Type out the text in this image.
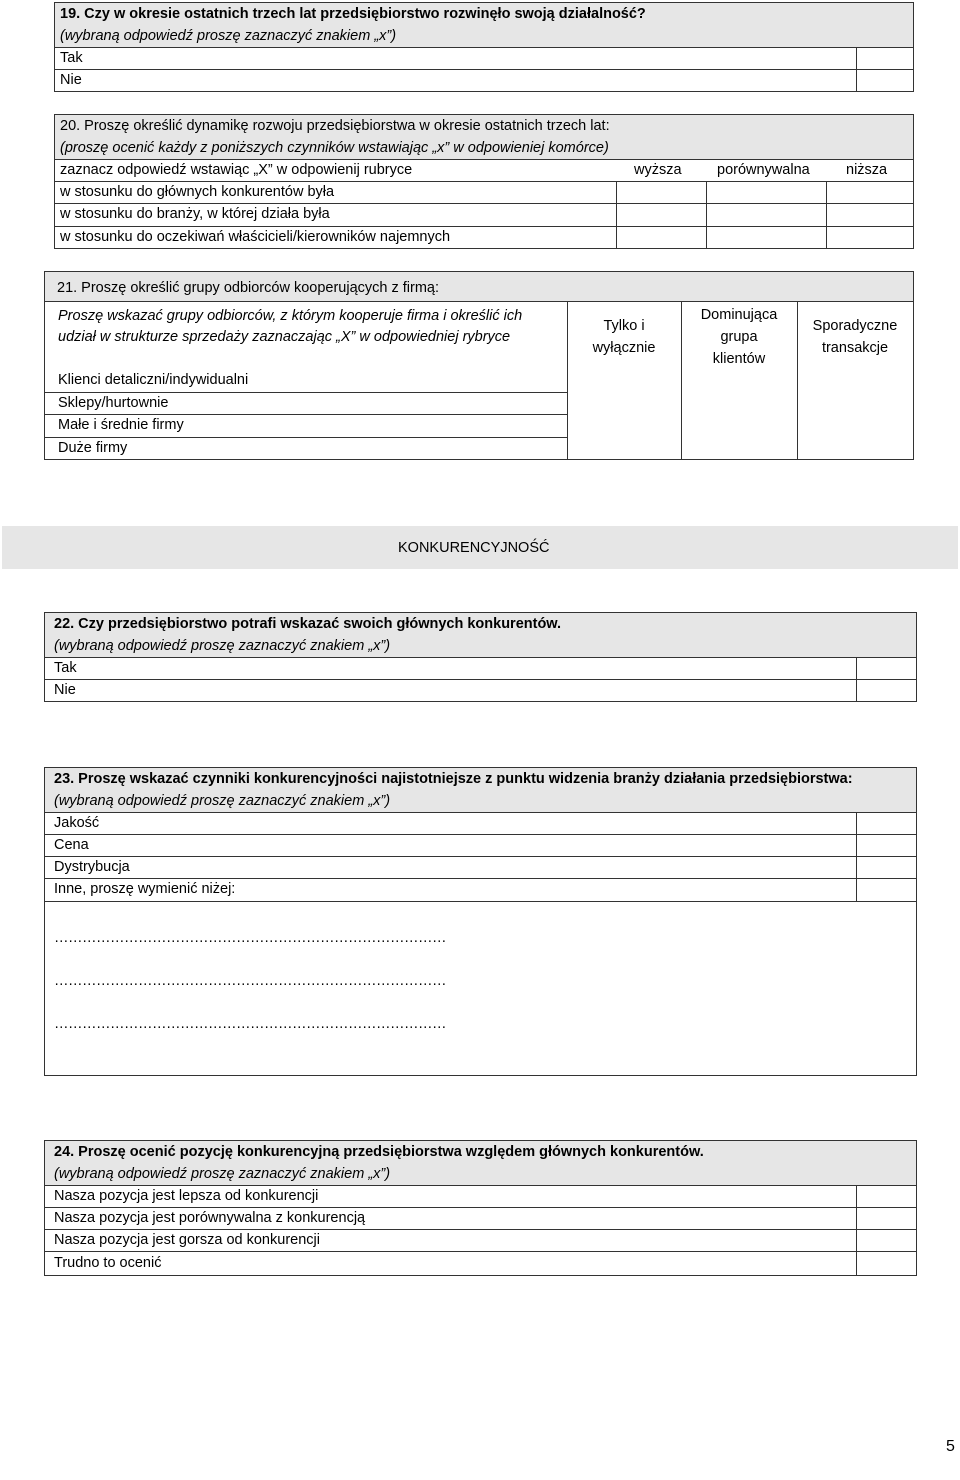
19. Czy w okresie ostatnich trzech lat przedsiębiorstwo rozwinęło swoją działalność?
(wybraną odpowiedź proszę zaznaczyć znakiem „x”)
Tak
Nie
20. Proszę określić dynamikę rozwoju przedsiębiorstwa w okresie ostatnich trzech lat:
(proszę ocenić każdy z poniższych czynników wstawiając „x” w odpowieniej komórce)
zaznacz odpowiedź wstawiąc „X” w odpowienij rubryce	wyższa porównywalna	niższa
w stosunku do głównych konkurentów była
w stosunku do branży, w której działa była
w stosunku do oczekiwań właścicieli/kierowników najemnych
21. Proszę określić grupy odbiorców kooperujących z firmą:
Proszę wskazać grupy odbiorców, z którym kooperuje firma i określić ich
udział w strukturze sprzedaży zaznaczając „X” w odpowiedniej rybryce
Tylko i wyłącznie
Dominująca grupa klientów
Sporadyczne transakcje
Klienci detaliczni/indywidualni
Sklepy/hurtownie
Małe i średnie firmy
Duże firmy
KONKURENCYJNOŚĆ
22. Czy przedsiębiorstwo potrafi wskazać swoich głównych konkurentów.
(wybraną odpowiedź proszę zaznaczyć znakiem „x”)
Tak
Nie
23. Proszę wskazać czynniki konkurencyjności najistotniejsze z punktu widzenia branży działania przedsiębiorstwa:
(wybraną odpowiedź proszę zaznaczyć znakiem „x”)
Jakość
Cena
Dystrybucja
Inne, proszę wymienić niżej:
…………………………………………………………………………
…………………………………………………………………………
…………………………………………………………………………
24. Proszę ocenić pozycję konkurencyjną przedsiębiorstwa względem głównych konkurentów.
(wybraną odpowiedź proszę zaznaczyć znakiem „x”)
Nasza pozycja jest lepsza od konkurencji
Nasza pozycja jest porównywalna z konkurencją
Nasza pozycja jest gorsza od konkurencji
Trudno to ocenić
5
